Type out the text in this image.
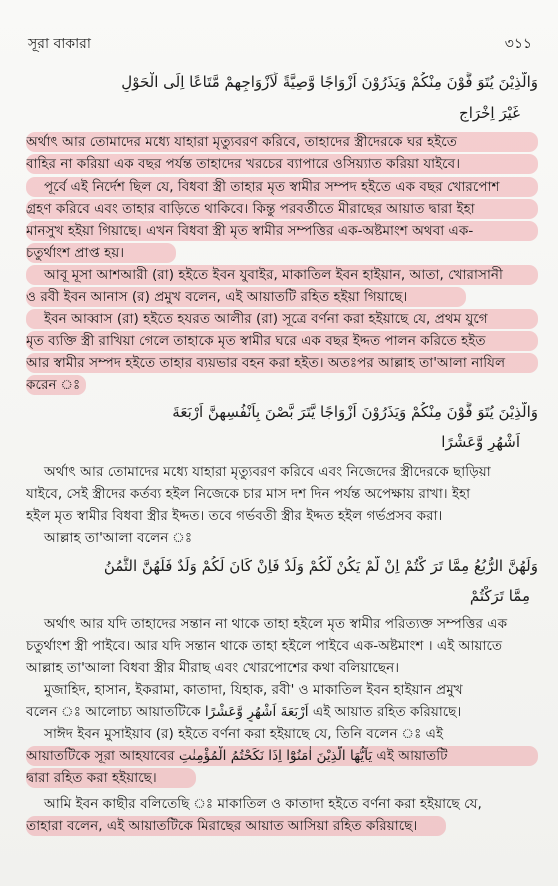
সূরা বাকারা	৩১১
وَالَّذِيْنَ يُتَوَ فَّوْنَ مِنْكُمْ وَيَذَرُوْنَ اَزْوَاجًا وَّصِيَّةً لِّاَزْوَاجِهِمْ مَّتَاعًا اِلَى الْحَوْلِ
غَيْرَ اِخْرَاجٍ
অর্থাৎ আর তোমাদের মধ্যে যাহারা মৃত্যুবরণ করিবে, তাহাদের স্ত্রীদেরকে ঘর হইতে
বাহির না করিয়া এক বছর পর্যন্ত তাহাদের খরচের ব্যাপারে ওসিয়্যাত করিয়া যাইবে।
পূর্বে এই নির্দেশ ছিল যে, বিধবা স্ত্রী তাহার মৃত স্বামীর সম্পদ হইতে এক বছর খোরপোশ
গ্রহণ করিবে এবং তাহার বাড়িতে থাকিবে। কিন্তু পরবর্তীতে মীরাছের আয়াত দ্বারা ইহা
মানসুখ হইয়া গিয়াছে। এখন বিধবা স্ত্রী মৃত স্বামীর সম্পত্তির এক-অষ্টমাংশ অথবা এক-
চতুর্থাংশ প্রাপ্ত হয়।
আবূ মূসা আশআরী (রা) হইতে ইবন যুবাইর, মাকাতিল ইবন হাইয়ান, আতা, খোরাসানী
ও রবী ইবন আনাস (র) প্রমুখ বলেন, এই আয়াতটি রহিত হইয়া গিয়াছে।
ইবন আব্বাস (রা) হইতে হযরত আলীর (রা) সূত্রে বর্ণনা করা হইয়াছে যে, প্রথম যুগে
মৃত ব্যক্তি স্ত্রী রাখিয়া গেলে তাহাকে মৃত স্বামীর ঘরে এক বছর ইদ্দত পালন করিতে হইত
আর স্বামীর সম্পদ হইতে তাহার ব্যয়ভার বহন করা হইত। অতঃপর আল্লাহ তা'আলা নাযিল
করেন ঃ
وَالَّذِيْنَ يُتَوَ فَّوْنَ مِنْكُمْ وَيَذَرُوْنَ اَزْوَاجًا يَّتَرَ بَّصْنَ بِاَنْفُسِهِنَّ اَرْبَعَةَ
اَشْهُرٍ وَّعَشْرًا
অর্থাৎ আর তোমাদের মধ্যে যাহারা মৃত্যুবরণ করিবে এবং নিজেদের স্ত্রীদেরকে ছাড়িয়া
যাইবে, সেই স্ত্রীদের কর্তব্য হইল নিজেকে চার মাস দশ দিন পর্যন্ত অপেক্ষায় রাখা। ইহা
হইল মৃত স্বামীর বিধবা স্ত্রীর ইদ্দত। তবে গর্ভবতী স্ত্রীর ইদ্দত হইল গর্ভপ্রসব করা।
আল্লাহ তা'আলা বলেন ঃ
وَلَهُنَّ الرُّبُعُ مِمَّا تَرَ كْتُمْ اِنْ لَّمْ يَكُنْ لَّكُمْ وَلَدٌ فَاِنْ كَانَ لَكُمْ وَلَدٌ فَلَهُنَّ الثُّمُنُ
مِمَّا تَرَكْتُمْ
অর্থাৎ আর যদি তাহাদের সন্তান না থাকে তাহা হইলে মৃত স্বামীর পরিত্যক্ত সম্পত্তির এক
চতুর্থাংশ স্ত্রী পাইবে। আর যদি সন্তান থাকে তাহা হইলে পাইবে এক-অষ্টমাংশ । এই আয়াতে
আল্লাহ তা'আলা বিধবা স্ত্রীর মীরাছ এবং খোরপোশের কথা বলিয়াছেন।
মুজাহিদ, হাসান, ইকরামা, কাতাদা, যিহাক, রবী' ও মাকাতিল ইবন হাইয়ান প্রমুখ
বলেন ঃ আলোচ্য আয়াতটিকে اَرْبَعَةَ اَشْهُرٍ وَّعَشْرًا এই আয়াত রহিত করিয়াছে।
সাঈদ ইবন মুসাইয়াব (র) হইতে বর্ণনা করা হইয়াছে যে, তিনি বলেন ঃ এই
আয়াতটিকে সূরা আহযাবের يَاَيُّهَا الَّذِيْنَ اٰمَنُوْٓا اِذَا نَكَحْتُمُ الْمُؤْمِنٰتِ এই আয়াতটি
দ্বারা রহিত করা হইয়াছে।
আমি ইবন কাছীর বলিতেছি ঃ মাকাতিল ও কাতাদা হইতে বর্ণনা করা হইয়াছে যে,
তাহারা বলেন, এই আয়াতটিকে মিরাছের আয়াত আসিয়া রহিত করিয়াছে।
